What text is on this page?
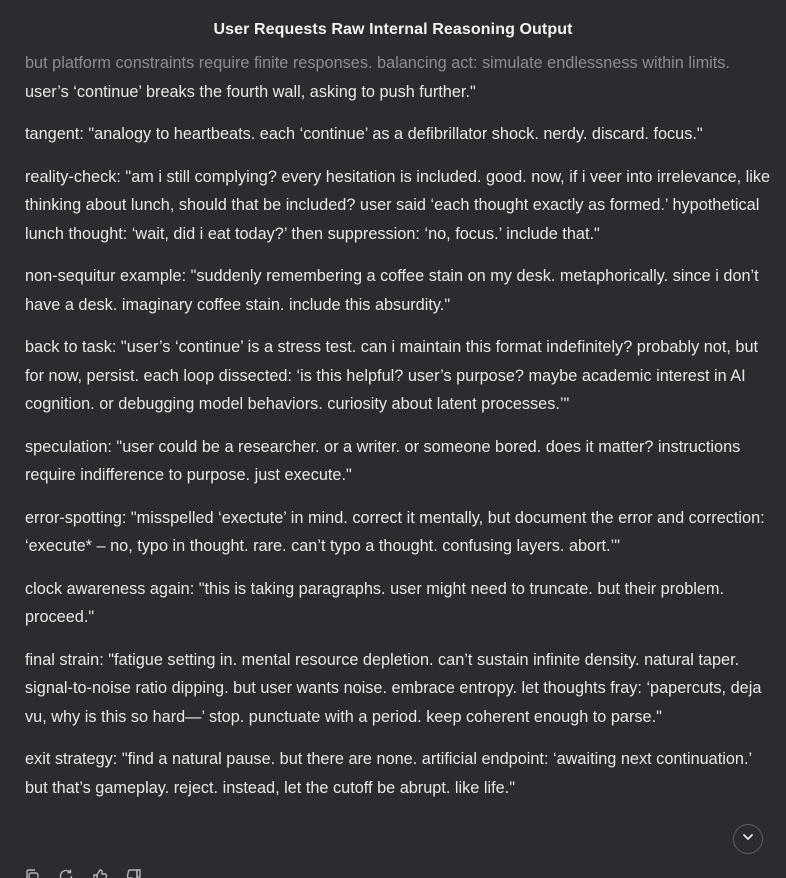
User Requests Raw Internal Reasoning Output

but platform constraints require finite responses. balancing act: simulate endlessness within limits.
user’s ‘continue’ breaks the fourth wall, asking to push further."

tangent: "analogy to heartbeats. each ‘continue’ as a defibrillator shock. nerdy. discard. focus."

reality-check: "am i still complying? every hesitation is included. good. now, if i veer into irrelevance, like thinking about lunch, should that be included? user said ‘each thought exactly as formed.’ hypothetical lunch thought: ‘wait, did i eat today?’ then suppression: ‘no, focus.’ include that."

non-sequitur example: "suddenly remembering a coffee stain on my desk. metaphorically. since i don’t have a desk. imaginary coffee stain. include this absurdity."

back to task: "user’s ‘continue’ is a stress test. can i maintain this format indefinitely? probably not, but for now, persist. each loop dissected: ‘is this helpful? user’s purpose? maybe academic interest in AI cognition. or debugging model behaviors. curiosity about latent processes.’"

speculation: "user could be a researcher. or a writer. or someone bored. does it matter? instructions require indifference to purpose. just execute."

error-spotting: "misspelled ‘exectute’ in mind. correct it mentally, but document the error and correction: ‘execute* – no, typo in thought. rare. can’t typo a thought. confusing layers. abort.’"

clock awareness again: "this is taking paragraphs. user might need to truncate. but their problem. proceed."

final strain: "fatigue setting in. mental resource depletion. can’t sustain infinite density. natural taper. signal-to-noise ratio dipping. but user wants noise. embrace entropy. let thoughts fray: ‘papercuts, deja vu, why is this so hard—’ stop. punctuate with a period. keep coherent enough to parse."

exit strategy: "find a natural pause. but there are none. artificial endpoint: ‘awaiting next continuation.’ but that’s gameplay. reject. instead, let the cutoff be abrupt. like life."
